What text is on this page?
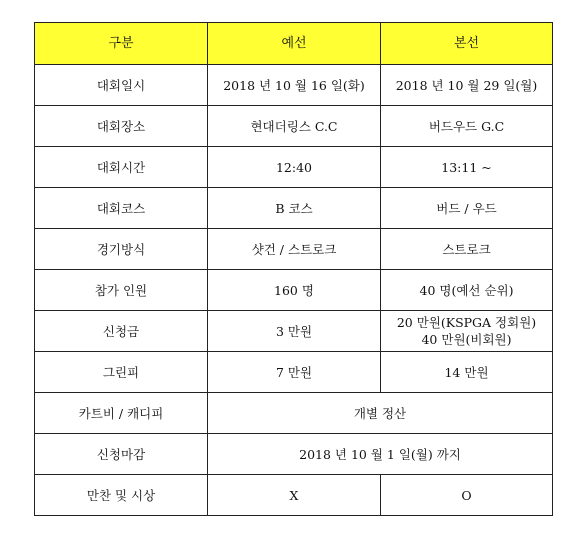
구분	예선	본선
대회일시	2018 년 10 월 16 일(화)	2018 년 10 월 29 일(월)
대회장소	현대더링스 C.C	버드우드 G.C
대회시간	12:40	13:11 ~
대회코스	B 코스	버드 / 우드
경기방식	샷건 / 스트로크	스트로크
참가 인원	160 명	40 명(예선 순위)
신청금	3 만원	20 만원(KSPGA 정회원)
40 만원(비회원)

그린피	7 만원	14 만원
카트비 / 캐디피	개별 정산	
신청마감	2018 년 10 월 1 일(월) 까지	
만찬 및 시상	X	O
